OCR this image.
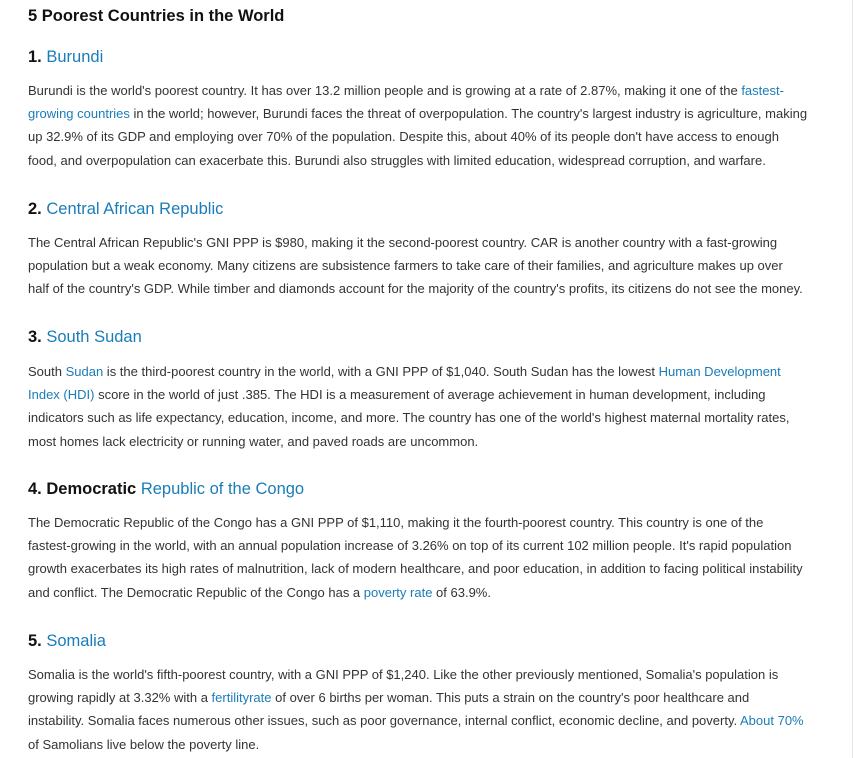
5 Poorest Countries in the World
1. Burundi
Burundi is the world's poorest country. It has over 13.2 million people and is growing at a rate of 2.87%, making it one of the fastest-
growing countries in the world; however, Burundi faces the threat of overpopulation. The country's largest industry is agriculture, making
up 32.9% of its GDP and employing over 70% of the population. Despite this, about 40% of its people don't have access to enough
food, and overpopulation can exacerbate this. Burundi also struggles with limited education, widespread corruption, and warfare.
2. Central African Republic
The Central African Republic's GNI PPP is $980, making it the second-poorest country. CAR is another country with a fast-growing
population but a weak economy. Many citizens are subsistence farmers to take care of their families, and agriculture makes up over
half of the country's GDP. While timber and diamonds account for the majority of the country's profits, its citizens do not see the money.
3. South Sudan
South Sudan is the third-poorest country in the world, with a GNI PPP of $1,040. South Sudan has the lowest Human Development
Index (HDI) score in the world of just .385. The HDI is a measurement of average achievement in human development, including
indicators such as life expectancy, education, income, and more. The country has one of the world's highest maternal mortality rates,
most homes lack electricity or running water, and paved roads are uncommon.
4. Democratic Republic of the Congo
The Democratic Republic of the Congo has a GNI PPP of $1,110, making it the fourth-poorest country. This country is one of the
fastest-growing in the world, with an annual population increase of 3.26% on top of its current 102 million people. It's rapid population
growth exacerbates its high rates of malnutrition, lack of modern healthcare, and poor education, in addition to facing political instability
and conflict. The Democratic Republic of the Congo has a poverty rate of 63.9%.
5. Somalia
Somalia is the world's fifth-poorest country, with a GNI PPP of $1,240. Like the other previously mentioned, Somalia's population is
growing rapidly at 3.32% with a fertilityrate of over 6 births per woman. This puts a strain on the country's poor healthcare and
instability. Somalia faces numerous other issues, such as poor governance, internal conflict, economic decline, and poverty. About 70%
of Samolians live below the poverty line.
